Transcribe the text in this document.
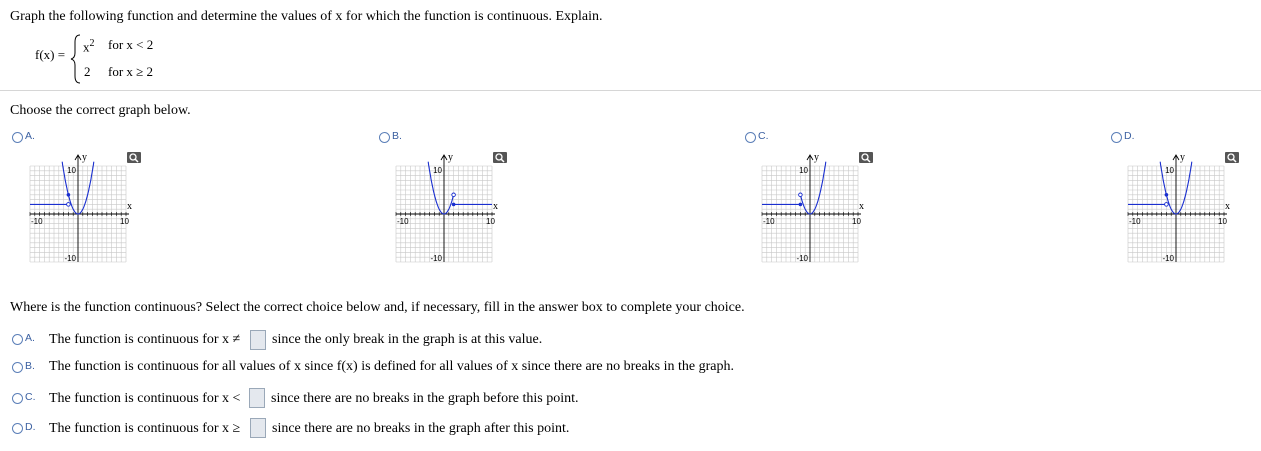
Graph the following function and determine the values of x for which the function is continuous. Explain.
f(x) =
$x^2$ for x < 2
2 for x ≥ 2
Choose the correct graph below.
A.
y
x
10
-10
-10	10
B.
y
x
10
-10
-10	10
C.
y
x
10
-10
-10	10
D.
y
x
10
-10
-10	10
Where is the function continuous? Select the correct choice below and, if necessary, fill in the answer box to complete your choice.
A. The function is continuous for x ≠ since the only break in the graph is at this value.
B. The function is continuous for all values of x since f(x) is defined for all values of x since there are no breaks in the graph.
C. The function is continuous for x < since there are no breaks in the graph before this point.
D. The function is continuous for x ≥ since there are no breaks in the graph after this point.
